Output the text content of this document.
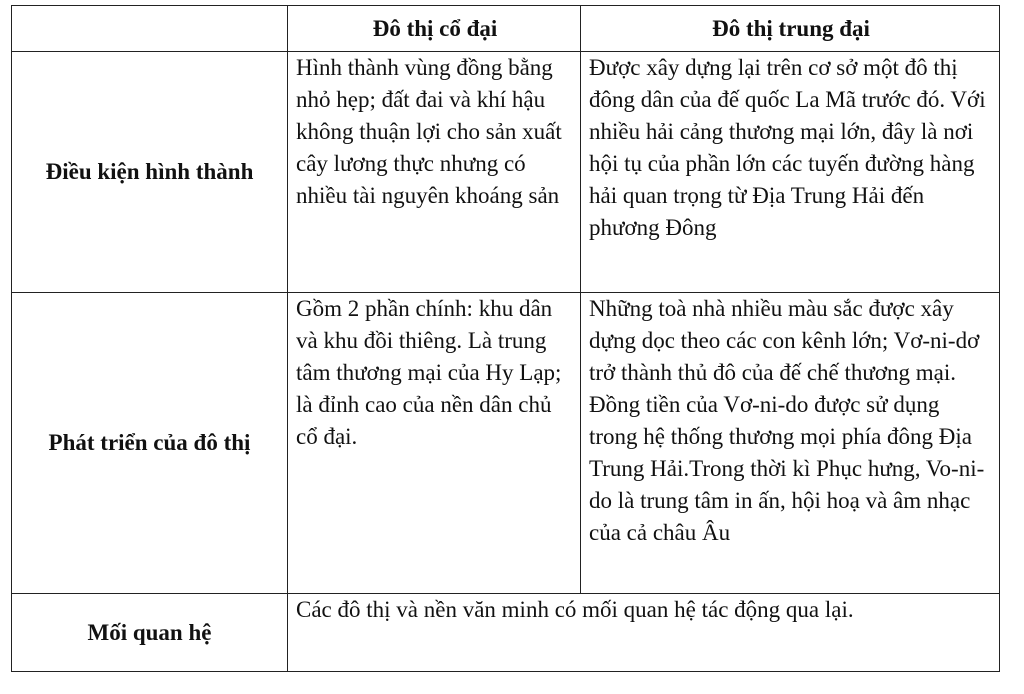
	Đô thị cổ đại	Đô thị trung đại
Điều kiện hình thành	Hình thành vùng đồng bằng nhỏ hẹp; đất đai và khí hậu không thuận lợi cho sản xuất cây lương thực nhưng có nhiều tài nguyên khoáng sản	Được xây dựng lại trên cơ sở một đô thị đông dân của đế quốc La Mã trước đó. Với nhiều hải cảng thương mại lớn, đây là nơi hội tụ của phần lớn các tuyến đường hàng hải quan trọng từ Địa Trung Hải đến phương Đông
Phát triển của đô thị	Gồm 2 phần chính: khu dân và khu đồi thiêng. Là trung tâm thương mại của Hy Lạp; là đỉnh cao của nền dân chủ cổ đại.	Những toà nhà nhiều màu sắc được xây dựng dọc theo các con kênh lớn; Vơ-ni-dơ trở thành thủ đô của đế chế thương mại. Đồng tiền của Vơ-ni-do được sử dụng trong hệ thống thương mọi phía đông Địa Trung Hải.Trong thời kì Phục hưng, Vo-ni-do là trung tâm in ấn, hội hoạ và âm nhạc của cả châu Âu
Mối quan hệ	Các đô thị và nền văn minh có mối quan hệ tác động qua lại.	
